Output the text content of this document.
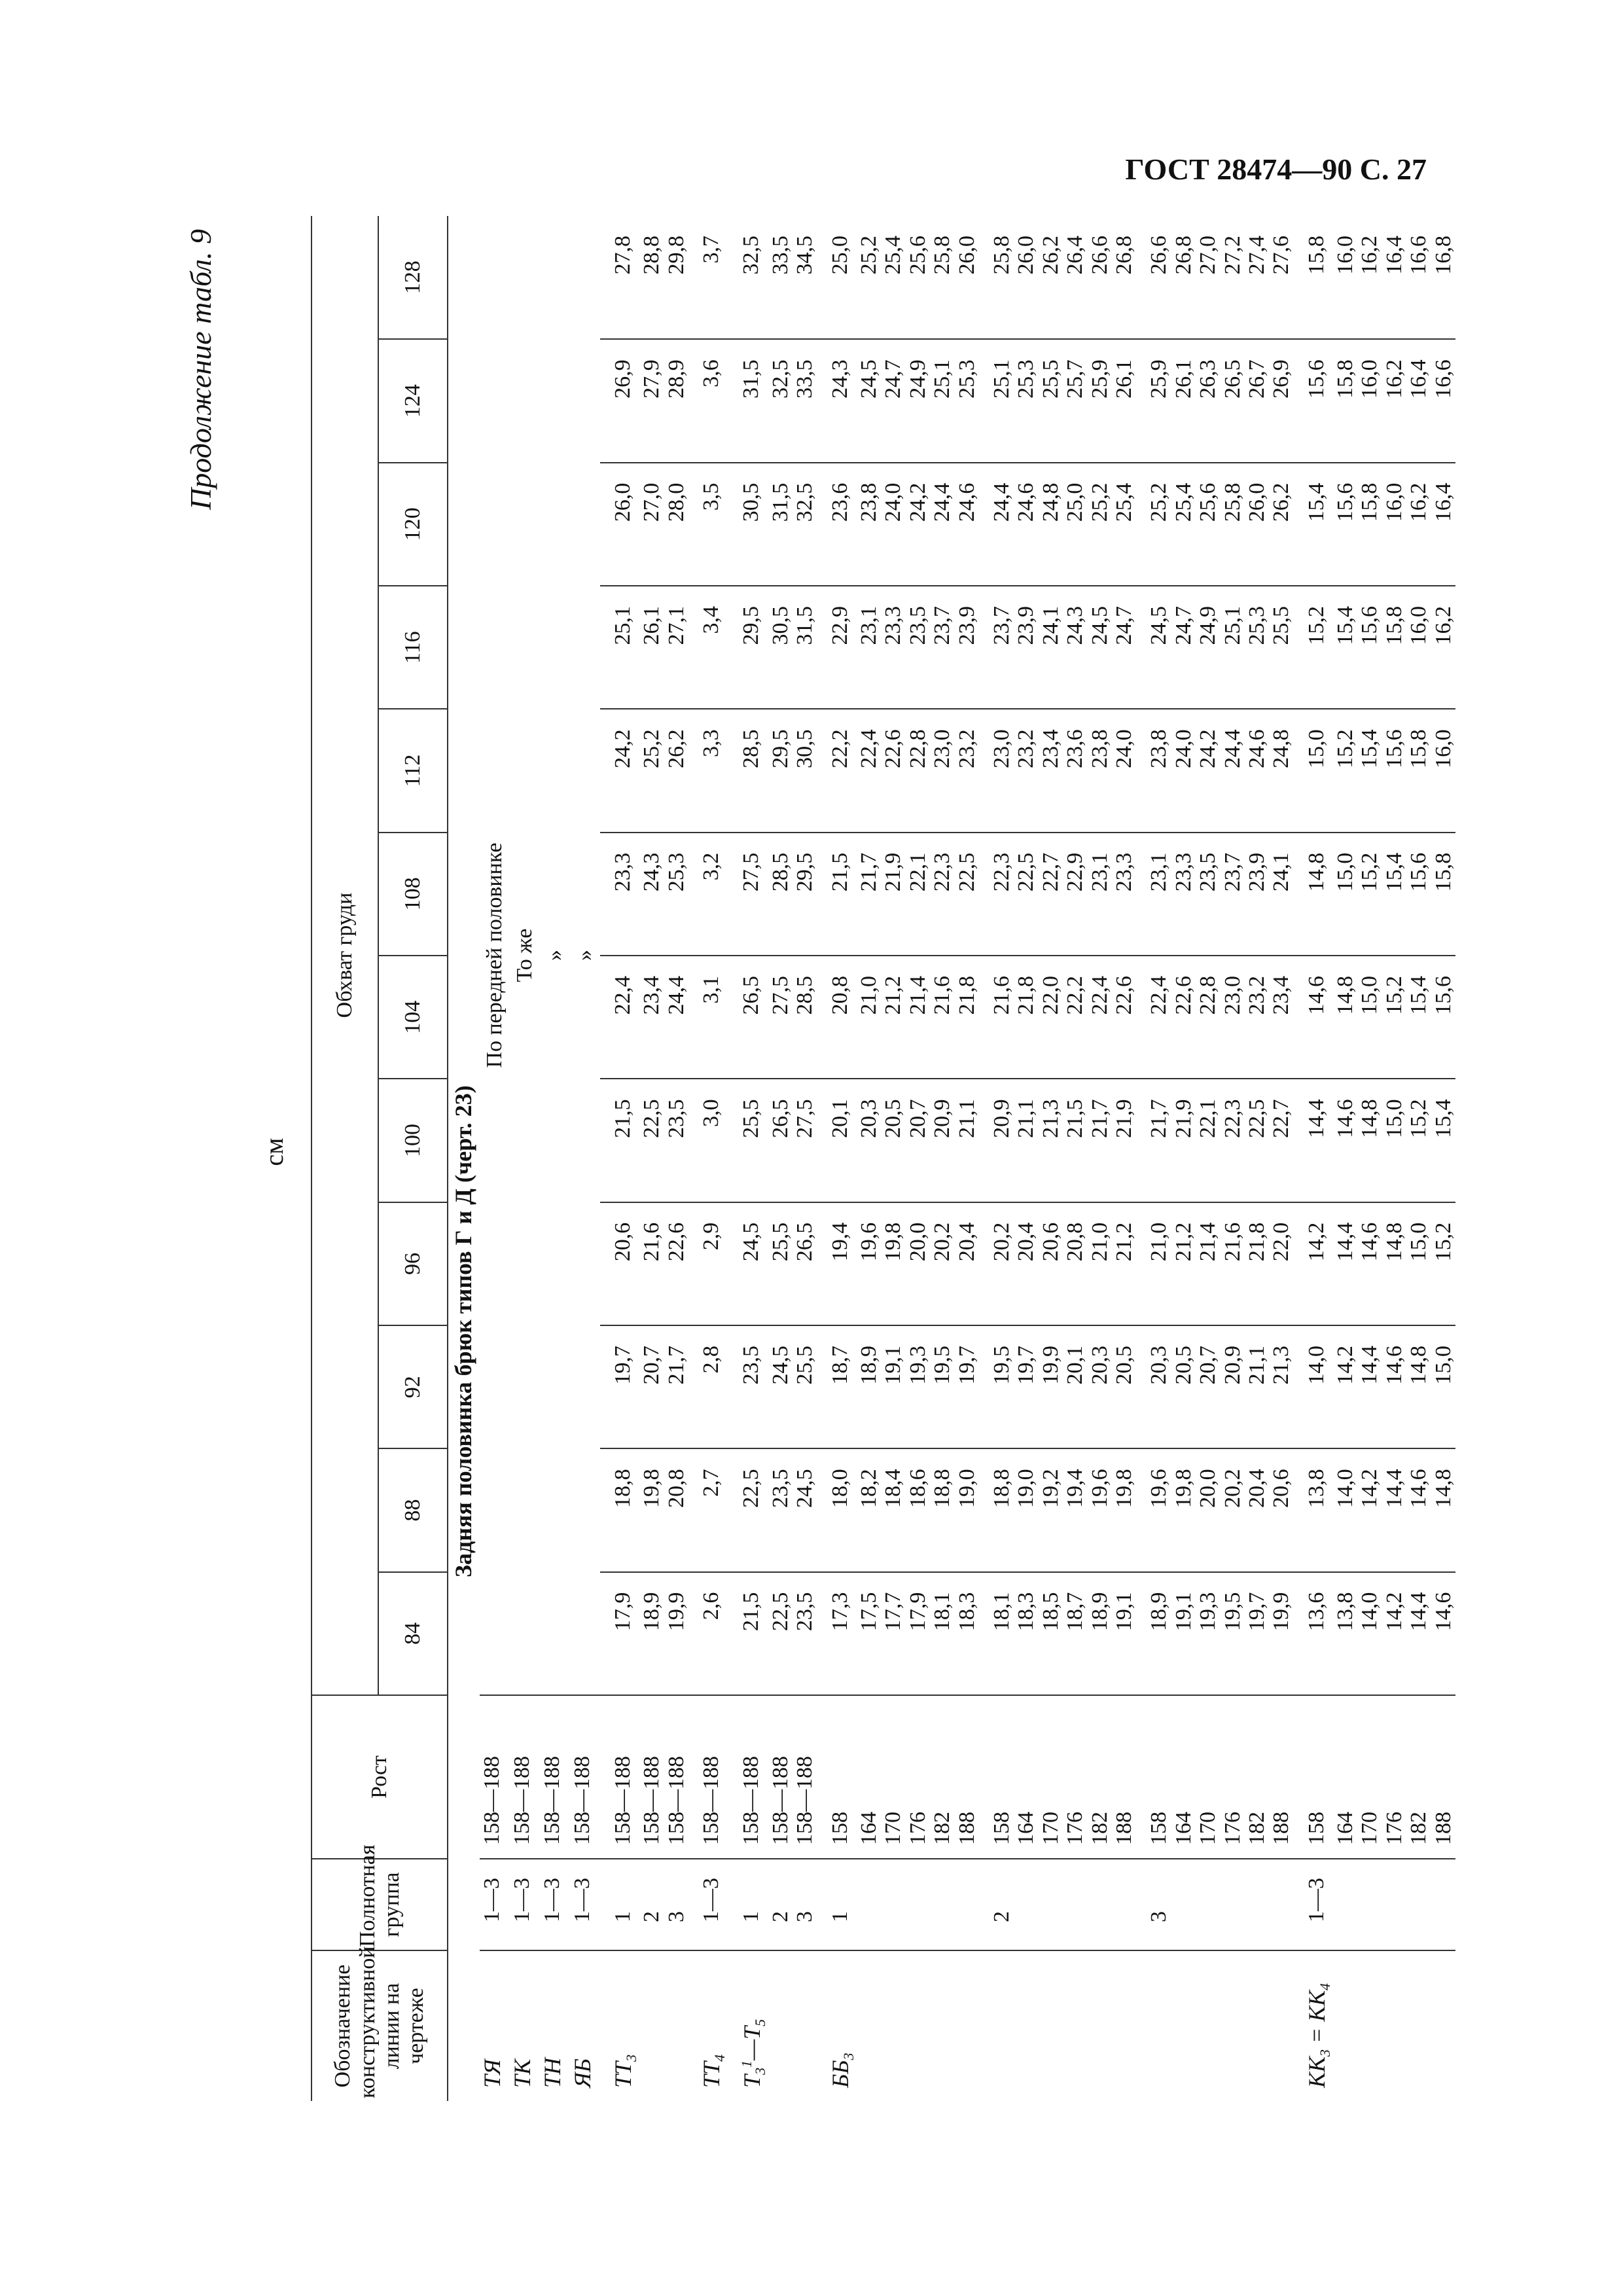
ГОСТ 28474—90 С. 27
Продолжение табл. 9
см
Обозначение конструктивной линии на чертеже	Полнотная группа	Рост	Обхват груди											
			84	88	92	96	100	104	108	112	116	120	124	128
Задняя половинка брюк типов Г и Д (черт. 23)														
ТЯ	1—3	158—188	По передней половинке											
ТК	1—3	158—188	То же											
ТН	1—3	158—188	»											
ЯБ	1—3	158—188	»											

$ТТ_3$	1	158—188	17,9	18,8	19,7	20,6	21,5	22,4	23,3	24,2	25,1	26,0	26,9	27,8
	2	158—188	18,9	19,8	20,7	21,6	22,5	23,4	24,3	25,2	26,1	27,0	27,9	28,8
	3	158—188	19,9	20,8	21,7	22,6	23,5	24,4	25,3	26,2	27,1	28,0	28,9	29,8

$ТТ_4$	1—3	158—188	2,6	2,7	2,8	2,9	3,0	3,1	3,2	3,3	3,4	3,5	3,6	3,7

$Т_3^1—Т_5$	1	158—188	21,5	22,5	23,5	24,5	25,5	26,5	27,5	28,5	29,5	30,5	31,5	32,5
	2	158—188	22,5	23,5	24,5	25,5	26,5	27,5	28,5	29,5	30,5	31,5	32,5	33,5
	3	158—188	23,5	24,5	25,5	26,5	27,5	28,5	29,5	30,5	31,5	32,5	33,5	34,5

$ББ_3$	1	158	17,3	18,0	18,7	19,4	20,1	20,8	21,5	22,2	22,9	23,6	24,3	25,0
		164	17,5	18,2	18,9	19,6	20,3	21,0	21,7	22,4	23,1	23,8	24,5	25,2
		170	17,7	18,4	19,1	19,8	20,5	21,2	21,9	22,6	23,3	24,0	24,7	25,4
		176	17,9	18,6	19,3	20,0	20,7	21,4	22,1	22,8	23,5	24,2	24,9	25,6
		182	18,1	18,8	19,5	20,2	20,9	21,6	22,3	23,0	23,7	24,4	25,1	25,8
		188	18,3	19,0	19,7	20,4	21,1	21,8	22,5	23,2	23,9	24,6	25,3	26,0

	2	158	18,1	18,8	19,5	20,2	20,9	21,6	22,3	23,0	23,7	24,4	25,1	25,8
		164	18,3	19,0	19,7	20,4	21,1	21,8	22,5	23,2	23,9	24,6	25,3	26,0
		170	18,5	19,2	19,9	20,6	21,3	22,0	22,7	23,4	24,1	24,8	25,5	26,2
		176	18,7	19,4	20,1	20,8	21,5	22,2	22,9	23,6	24,3	25,0	25,7	26,4
		182	18,9	19,6	20,3	21,0	21,7	22,4	23,1	23,8	24,5	25,2	25,9	26,6
		188	19,1	19,8	20,5	21,2	21,9	22,6	23,3	24,0	24,7	25,4	26,1	26,8

	3	158	18,9	19,6	20,3	21,0	21,7	22,4	23,1	23,8	24,5	25,2	25,9	26,6
		164	19,1	19,8	20,5	21,2	21,9	22,6	23,3	24,0	24,7	25,4	26,1	26,8
		170	19,3	20,0	20,7	21,4	22,1	22,8	23,5	24,2	24,9	25,6	26,3	27,0
		176	19,5	20,2	20,9	21,6	22,3	23,0	23,7	24,4	25,1	25,8	26,5	27,2
		182	19,7	20,4	21,1	21,8	22,5	23,2	23,9	24,6	25,3	26,0	26,7	27,4
		188	19,9	20,6	21,3	22,0	22,7	23,4	24,1	24,8	25,5	26,2	26,9	27,6

$КК_3 = КК_4$	1—3	158	13,6	13,8	14,0	14,2	14,4	14,6	14,8	15,0	15,2	15,4	15,6	15,8
		164	13,8	14,0	14,2	14,4	14,6	14,8	15,0	15,2	15,4	15,6	15,8	16,0
		170	14,0	14,2	14,4	14,6	14,8	15,0	15,2	15,4	15,6	15,8	16,0	16,2
		176	14,2	14,4	14,6	14,8	15,0	15,2	15,4	15,6	15,8	16,0	16,2	16,4
		182	14,4	14,6	14,8	15,0	15,2	15,4	15,6	15,8	16,0	16,2	16,4	16,6
		188	14,6	14,8	15,0	15,2	15,4	15,6	15,8	16,0	16,2	16,4	16,6	16,8
